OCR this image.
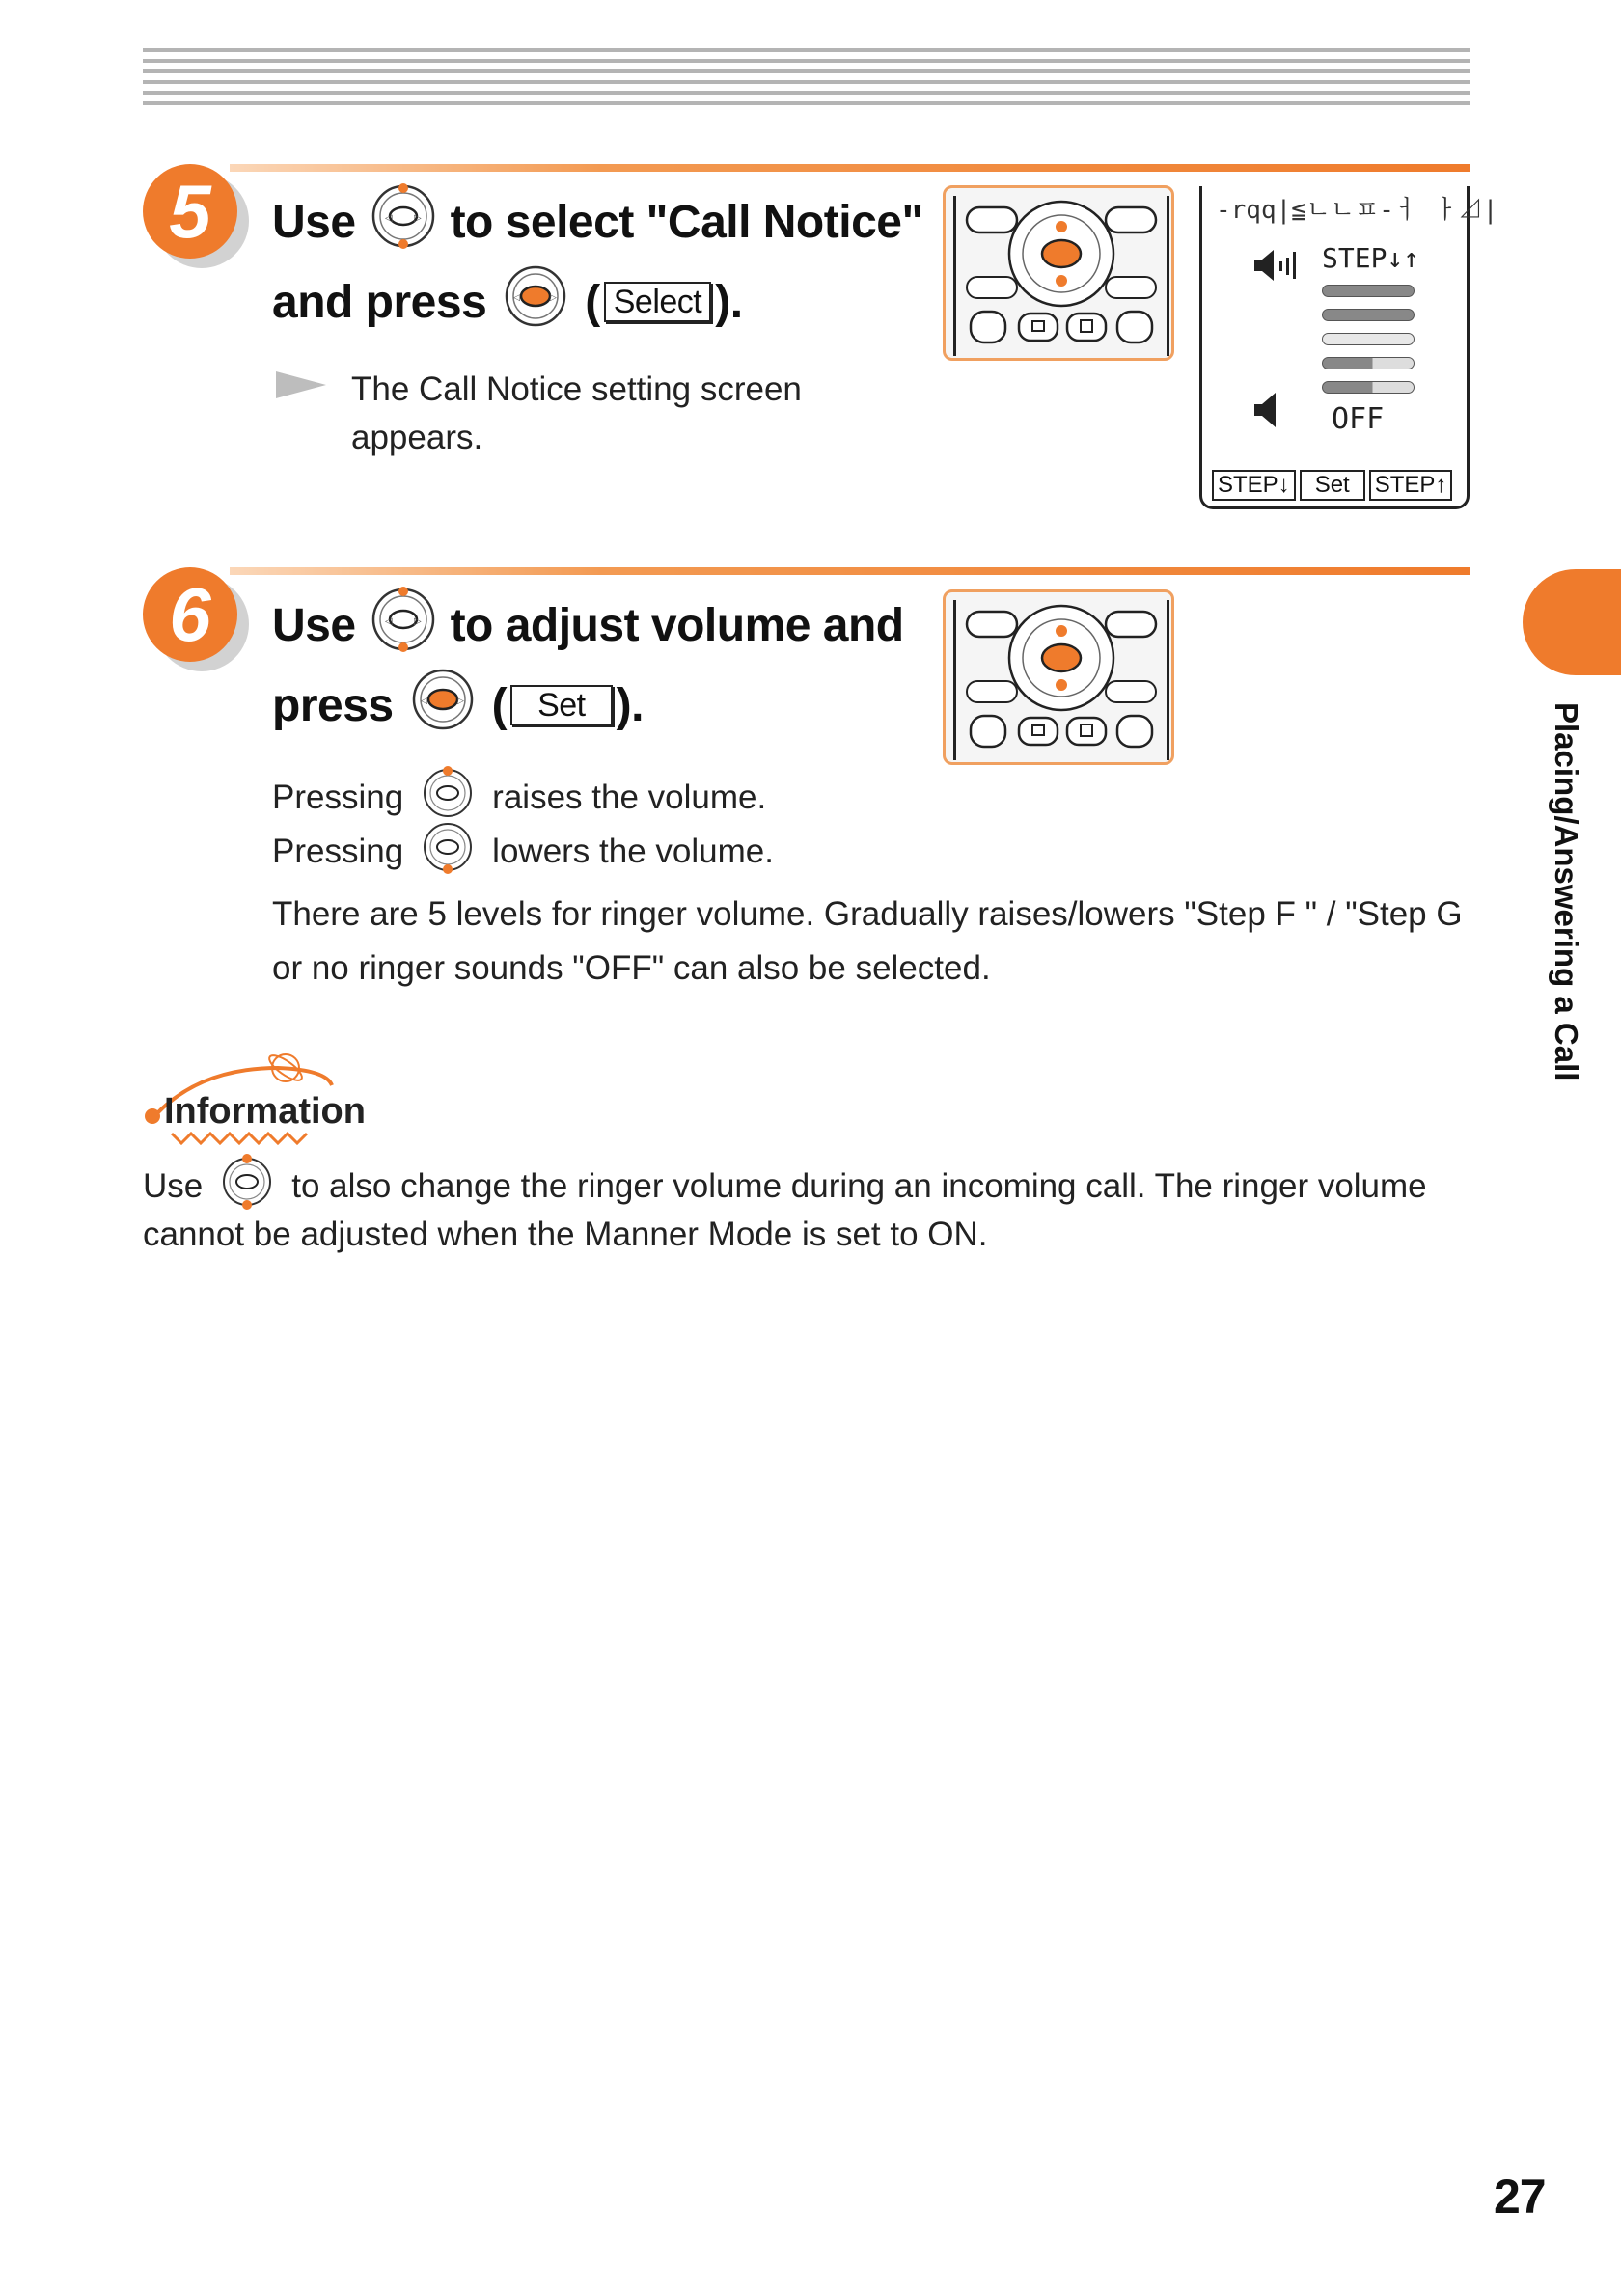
5	Use	◁ ▷ to select "Call Notice"
and press	◁	▷ ( Select ).
The Call Notice setting screen
appears.
-rqq|≦ㄴㄴㅍ-ㅓ ㅏ⊿|
STEP↓↑
OFF
STEP↓	Set	STEP↑
6	Use	◁ ▷ to adjust volume and
press	◁	▷ ( Set ).
Pressing	raises the volume.
Pressing	lowers the volume.
There are 5 levels for ringer volume. Gradually raises/lowers "Step F " / "Step G
or no ringer sounds "OFF" can also be selected.	Placing/Answering a Call
Information
Use	to also change the ringer volume during an incoming call. The ringer volume
cannot be adjusted when the Manner Mode is set to ON.
27
